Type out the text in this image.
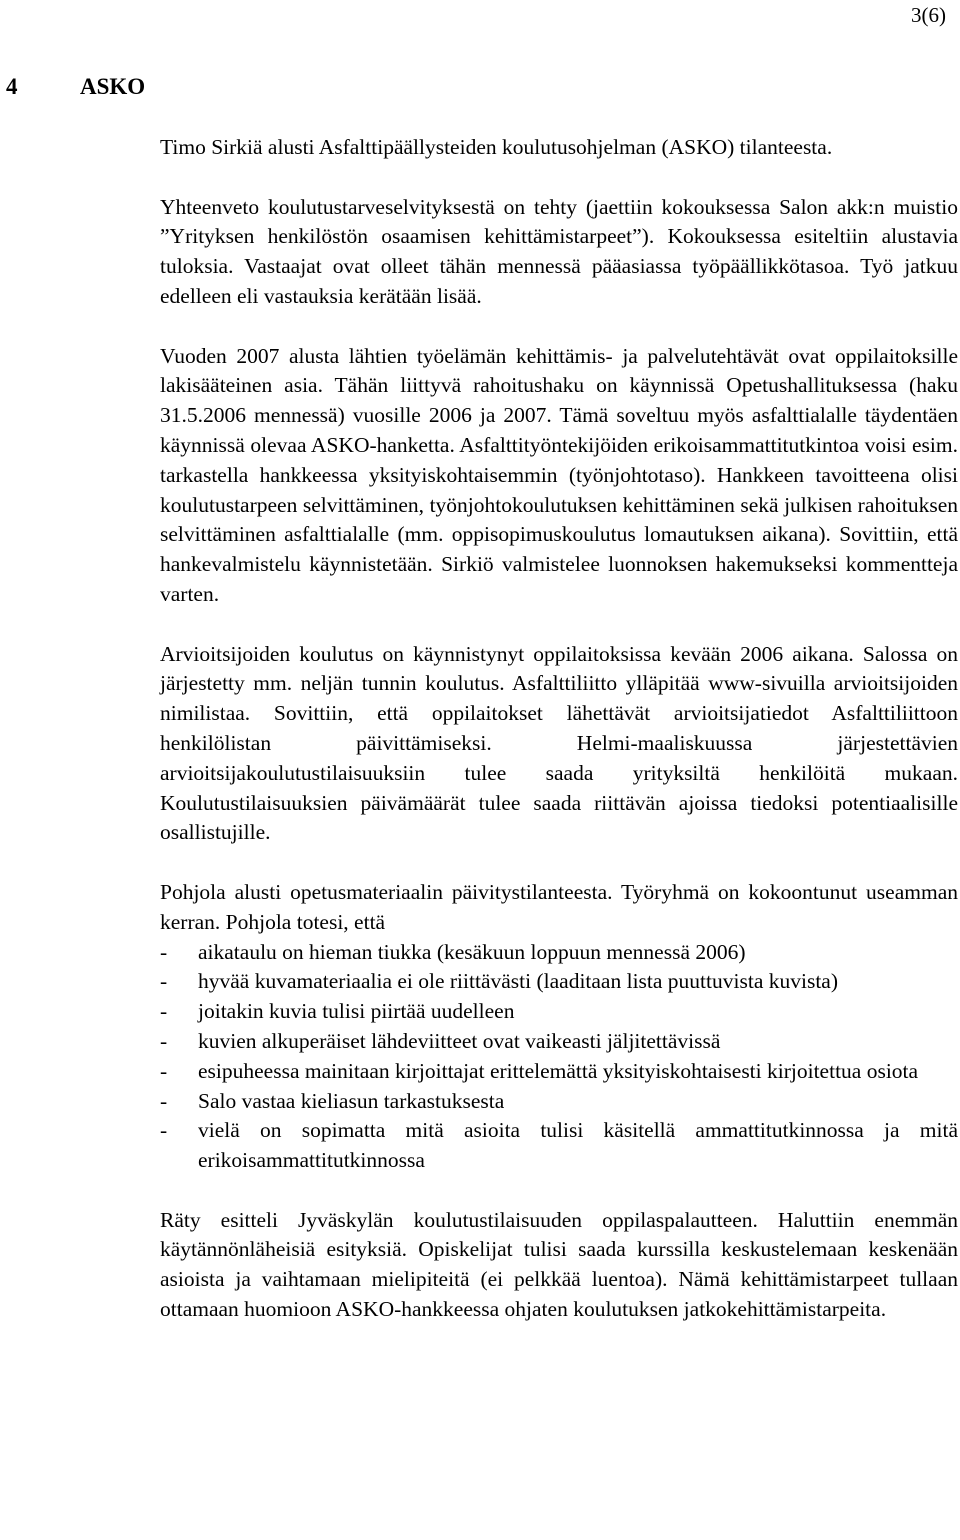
3(6)
4	ASKO

Timo Sirkiä alusti Asfalttipäällysteiden koulutusohjelman (ASKO) tilanteesta.

Yhteenveto koulutustarveselvityksestä on tehty (jaettiin kokouksessa Salon akk:n muistio ”Yrityksen henkilöstön osaamisen kehittämistarpeet”). Kokouksessa esiteltiin alustavia tuloksia. Vastaajat ovat olleet tähän mennessä pääasiassa työpäällikkötasoa. Työ jatkuu edelleen eli vastauksia kerätään lisää.

Vuoden 2007 alusta lähtien työelämän kehittämis- ja palvelutehtävät ovat oppilaitoksille lakisääteinen asia. Tähän liittyvä rahoitushaku on käynnissä Opetushallituksessa (haku 31.5.2006 mennessä) vuosille 2006 ja 2007. Tämä soveltuu myös asfalttialalle täydentäen käynnissä olevaa ASKO-hanketta. Asfalttityöntekijöiden erikoisammattitutkintoa voisi esim. tarkastella hankkeessa yksityiskohtaisemmin (työnjohtotaso). Hankkeen tavoitteena olisi koulutustarpeen selvittäminen, työnjohtokoulutuksen kehittäminen sekä julkisen rahoituksen selvittäminen asfalttialalle (mm. oppisopimuskoulutus lomautuksen aikana). Sovittiin, että hankevalmistelu käynnistetään. Sirkiö valmistelee luonnoksen hakemukseksi kommentteja varten.

Arvioitsijoiden koulutus on käynnistynyt oppilaitoksissa kevään 2006 aikana. Salossa on järjestetty mm. neljän tunnin koulutus. Asfalttiliitto ylläpitää www-sivuilla arvioitsijoiden nimilistaa. Sovittiin, että oppilaitokset lähettävät arvioitsijatiedot Asfalttiliittoon henkilölistan päivittämiseksi. Helmi-maaliskuussa järjestettävien arvioitsijakoulutustilaisuuksiin tulee saada yrityksiltä henkilöitä mukaan. Koulutustilaisuuksien päivämäärät tulee saada riittävän ajoissa tiedoksi potentiaalisille osallistujille.

Pohjola alusti opetusmateriaalin päivitystilanteesta. Työryhmä on kokoontunut useamman kerran. Pohjola totesi, että

- aikataulu on hieman tiukka (kesäkuun loppuun mennessä 2006)
- hyvää kuvamateriaalia ei ole riittävästi (laaditaan lista puuttuvista kuvista)
- joitakin kuvia tulisi piirtää uudelleen
- kuvien alkuperäiset lähdeviitteet ovat vaikeasti jäljitettävissä
- esipuheessa mainitaan kirjoittajat erittelemättä yksityiskohtaisesti kirjoitettua osiota
- Salo vastaa kieliasun tarkastuksesta
- vielä on sopimatta mitä asioita tulisi käsitellä ammattitutkinnossa ja mitä erikoisammattitutkinnossa

Räty esitteli Jyväskylän koulutustilaisuuden oppilaspalautteen. Haluttiin enemmän käytännönläheisiä esityksiä. Opiskelijat tulisi saada kurssilla keskustelemaan keskenään asioista ja vaihtamaan mielipiteitä (ei pelkkää luentoa). Nämä kehittämistarpeet tullaan ottamaan huomioon ASKO-hankkeessa ohjaten koulutuksen jatkokehittämistarpeita.
